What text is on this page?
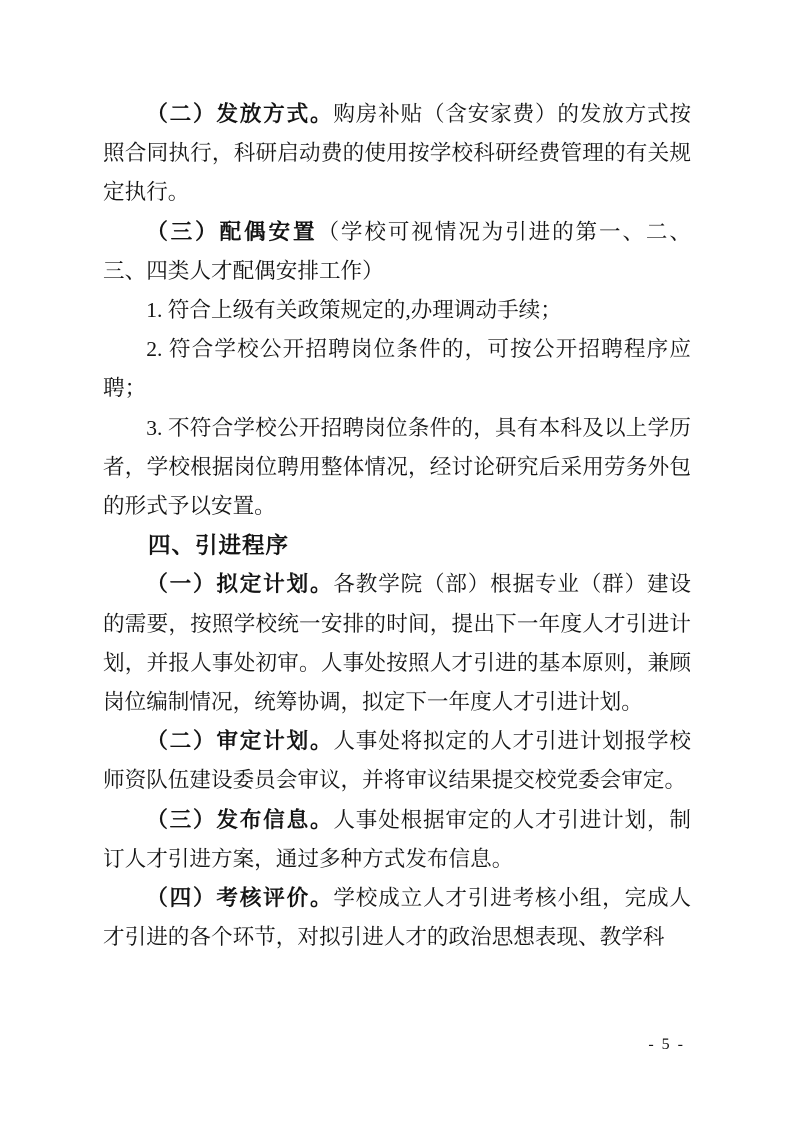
（二）发放方式。购房补贴（含安家费）的发放方式按照合同执行，科研启动费的使用按学校科研经费管理的有关规定执行。

（三）配偶安置（学校可视情况为引进的第一、二、三、四类人才配偶安排工作）

1. 符合上级有关政策规定的,办理调动手续；

2. 符合学校公开招聘岗位条件的，可按公开招聘程序应聘；

3. 不符合学校公开招聘岗位条件的，具有本科及以上学历者，学校根据岗位聘用整体情况，经讨论研究后采用劳务外包的形式予以安置。

四、引进程序

（一）拟定计划。各教学院（部）根据专业（群）建设的需要，按照学校统一安排的时间，提出下一年度人才引进计划，并报人事处初审。人事处按照人才引进的基本原则，兼顾岗位编制情况，统筹协调，拟定下一年度人才引进计划。

（二）审定计划。人事处将拟定的人才引进计划报学校师资队伍建设委员会审议，并将审议结果提交校党委会审定。

（三）发布信息。人事处根据审定的人才引进计划，制订人才引进方案，通过多种方式发布信息。

（四）考核评价。学校成立人才引进考核小组，完成人才引进的各个环节，对拟引进人才的政治思想表现、教学科

- 5 -
